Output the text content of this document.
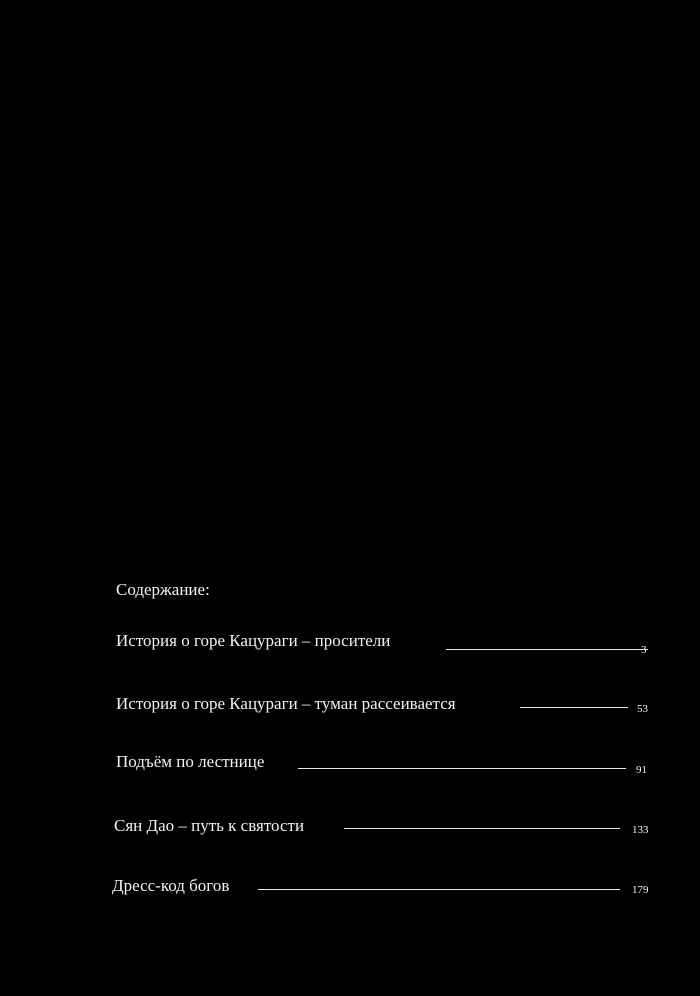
Содержание:
История о горе Кацураги – просители	3
История о горе Кацураги – туман рассеивается	53
Подъём по лестнице	91
Сян Дао – путь к святости	133
Дресс-код богов	179
